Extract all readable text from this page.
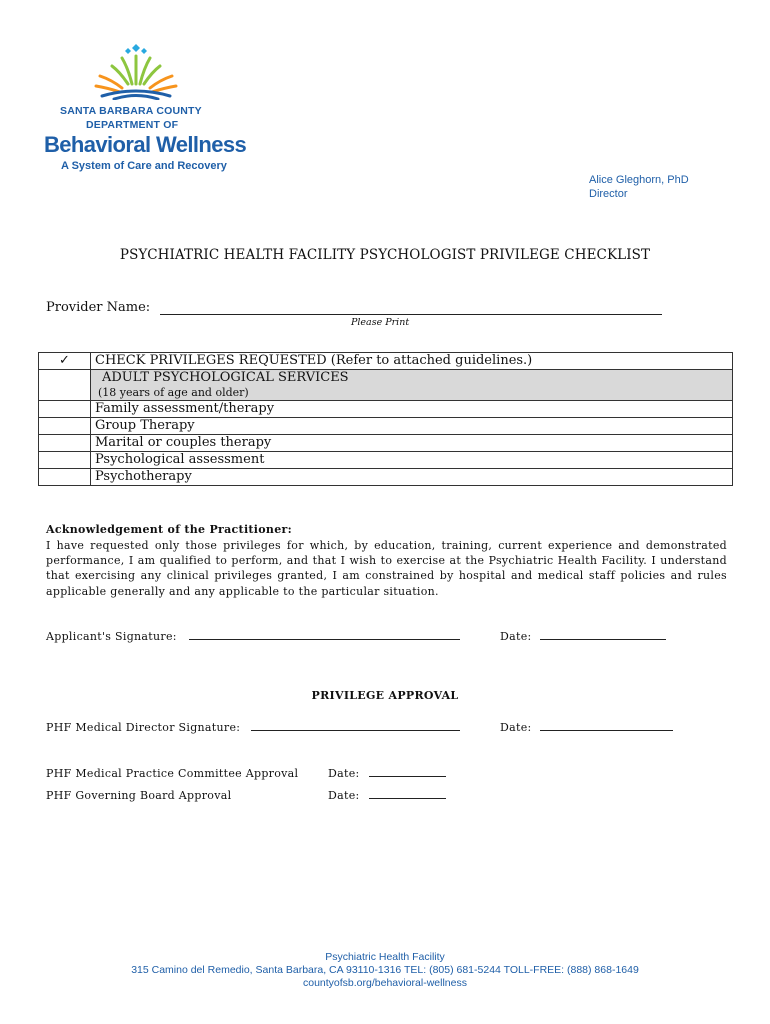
SANTA BARBARA COUNTY
DEPARTMENT OF
Behavioral Wellness
A System of Care and Recovery
Alice Gleghorn, PhD
Director
PSYCHIATRIC HEALTH FACILITY PSYCHOLOGIST PRIVILEGE CHECKLIST
Provider Name:
Please Print
✓	CHECK PRIVILEGES REQUESTED (Refer to attached guidelines.)

	ADULT PSYCHOLOGICAL SERVICES
(18 years of age and older)

	Family assessment/therapy
	Group Therapy
	Marital or couples therapy
	Psychological assessment
	Psychotherapy
Acknowledgement of the Practitioner:
I have requested only those privileges for which, by education, training, current experience and demonstrated performance, I am qualified to perform, and that I wish to exercise at the Psychiatric Health Facility. I understand that exercising any clinical privileges granted, I am constrained by hospital and medical staff policies and rules applicable generally and any applicable to the particular situation.
Applicant's Signature:	Date:
PRIVILEGE APPROVAL
PHF Medical Director Signature:	Date:
PHF Medical Practice Committee Approval	Date:
PHF Governing Board Approval	Date:
Psychiatric Health Facility
315 Camino del Remedio, Santa Barbara, CA 93110-1316 TEL: (805) 681-5244 TOLL-FREE: (888) 868-1649
countyofsb.org/behavioral-wellness
